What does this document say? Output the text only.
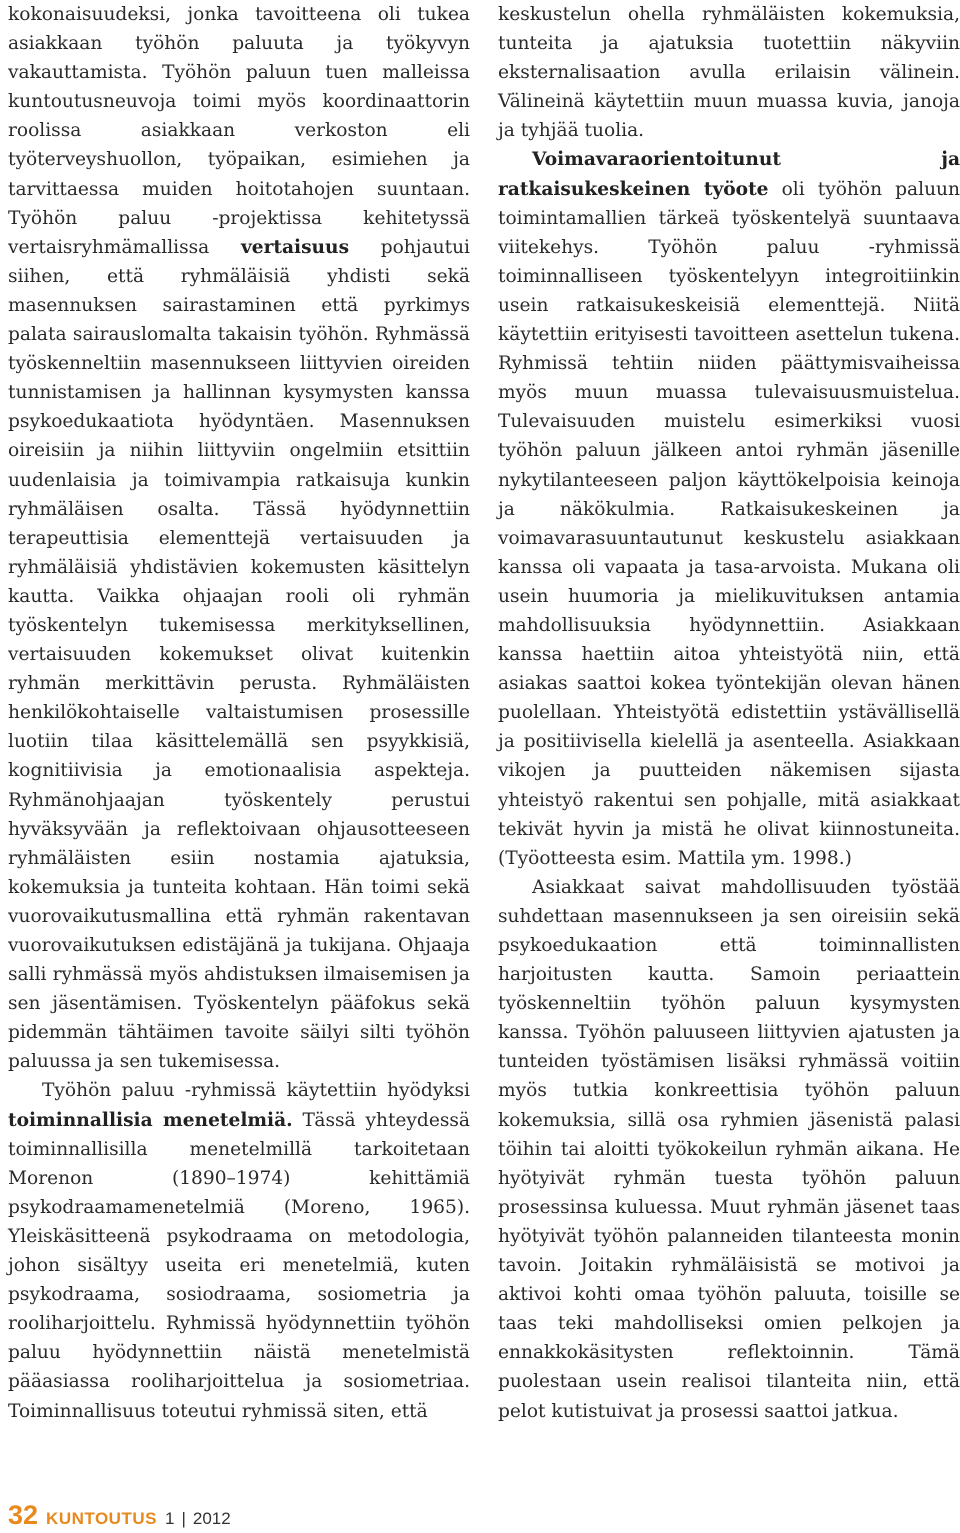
kokonaisuudeksi, jonka tavoitteena oli tukea asiakkaan työhön paluuta ja työkyvyn vakauttamista. Työhön paluun tuen malleissa kuntoutusneuvoja toimi myös koordinaattorin roolissa asiakkaan verkoston eli työterveyshuollon, työpaikan, esimiehen ja tarvittaessa muiden hoitotahojen suuntaan. Työhön paluu -projektissa kehitetyssä vertaisryhmämallissa vertaisuus pohjautui siihen, että ryhmäläisiä yhdisti sekä masennuksen sairastaminen että pyrkimys palata sairauslomalta takaisin työhön. Ryhmässä työskenneltiin masennukseen liittyvien oireiden tunnistamisen ja hallinnan kysymysten kanssa psykoedukaatiota hyödyntäen. Masennuksen oireisiin ja niihin liittyviin ongelmiin etsittiin uudenlaisia ja toimivampia ratkaisuja kunkin ryhmäläisen osalta. Tässä hyödynnettiin terapeuttisia elementtejä vertaisuuden ja ryhmäläisiä yhdistävien kokemusten käsittelyn kautta. Vaikka ohjaajan rooli oli ryhmän työskentelyn tukemisessa merkityksellinen, vertaisuuden kokemukset olivat kuitenkin ryhmän merkittävin perusta. Ryhmäläisten henkilökohtaiselle valtaistumisen prosessille luotiin tilaa käsittelemällä sen psyykkisiä, kognitiivisia ja emotionaalisia aspekteja. Ryhmänohjaajan työskentely perustui hyväksyvään ja reflektoivaan ohjausotteeseen ryhmäläisten esiin nostamia ajatuksia, kokemuksia ja tunteita kohtaan. Hän toimi sekä vuorovaikutusmallina että ryhmän rakentavan vuorovaikutuksen edistäjänä ja tukijana. Ohjaaja salli ryhmässä myös ahdistuksen ilmaisemisen ja sen jäsentämisen. Työskentelyn pääfokus sekä pidemmän tähtäimen tavoite säilyi silti työhön paluussa ja sen tukemisessa.

Työhön paluu -ryhmissä käytettiin hyödyksi toiminnallisia menetelmiä. Tässä yhteydessä toiminnallisilla menetelmillä tarkoitetaan Morenon (1890–1974) kehittämiä psykodraamamenetelmiä (Moreno, 1965). Yleiskäsitteenä psykodraama on metodologia, johon sisältyy useita eri menetelmiä, kuten psykodraama, sosiodraama, sosiometria ja rooliharjoittelu. Ryhmissä hyödynnettiin työhön paluu hyödynnettiin näistä menetelmistä pääasiassa rooliharjoittelua ja sosiometriaa. Toiminnallisuus toteutui ryhmissä siten, että

keskustelun ohella ryhmäläisten kokemuksia, tunteita ja ajatuksia tuotettiin näkyviin eksternalisaation avulla erilaisin välinein. Välineinä käytettiin muun muassa kuvia, janoja ja tyhjää tuolia.

Voimavaraorientoitunut ja ratkaisukeskeinen työote oli työhön paluun toimintamallien tärkeä työskentelyä suuntaava viitekehys. Työhön paluu -ryhmissä toiminnalliseen työskentelyyn integroitiinkin usein ratkaisukeskeisiä elementtejä. Niitä käytettiin erityisesti tavoitteen asettelun tukena. Ryhmissä tehtiin niiden päättymisvaiheissa myös muun muassa tulevaisuusmuistelua. Tulevaisuuden muistelu esimerkiksi vuosi työhön paluun jälkeen antoi ryhmän jäsenille nykytilanteeseen paljon käyttökelpoisia keinoja ja näkökulmia. Ratkaisukeskeinen ja voimavarasuuntautunut keskustelu asiakkaan kanssa oli vapaata ja tasa-arvoista. Mukana oli usein huumoria ja mielikuvituksen antamia mahdollisuuksia hyödynnettiin. Asiakkaan kanssa haettiin aitoa yhteistyötä niin, että asiakas saattoi kokea työntekijän olevan hänen puolellaan. Yhteistyötä edistettiin ystävällisellä ja positiivisella kielellä ja asenteella. Asiakkaan vikojen ja puutteiden näkemisen sijasta yhteistyö rakentui sen pohjalle, mitä asiakkaat tekivät hyvin ja mistä he olivat kiinnostuneita. (Työotteesta esim. Mattila ym. 1998.)

Asiakkaat saivat mahdollisuuden työstää suhdettaan masennukseen ja sen oireisiin sekä psykoedukaation että toiminnallisten harjoitusten kautta. Samoin periaattein työskenneltiin työhön paluun kysymysten kanssa. Työhön paluuseen liittyvien ajatusten ja tunteiden työstämisen lisäksi ryhmässä voitiin myös tutkia konkreettisia työhön paluun kokemuksia, sillä osa ryhmien jäsenistä palasi töihin tai aloitti työkokeilun ryhmän aikana. He hyötyivät ryhmän tuesta työhön paluun prosessinsa kuluessa. Muut ryhmän jäsenet taas hyötyivät työhön palanneiden tilanteesta monin tavoin. Joitakin ryhmäläisistä se motivoi ja aktivoi kohti omaa työhön paluuta, toisille se taas teki mahdolliseksi omien pelkojen ja ennakkokäsitysten reflektoinnin. Tämä puolestaan usein realisoi tilanteita niin, että pelot kutistuivat ja prosessi saattoi jatkua.

32 KUNTOUTUS 1 | 2012
